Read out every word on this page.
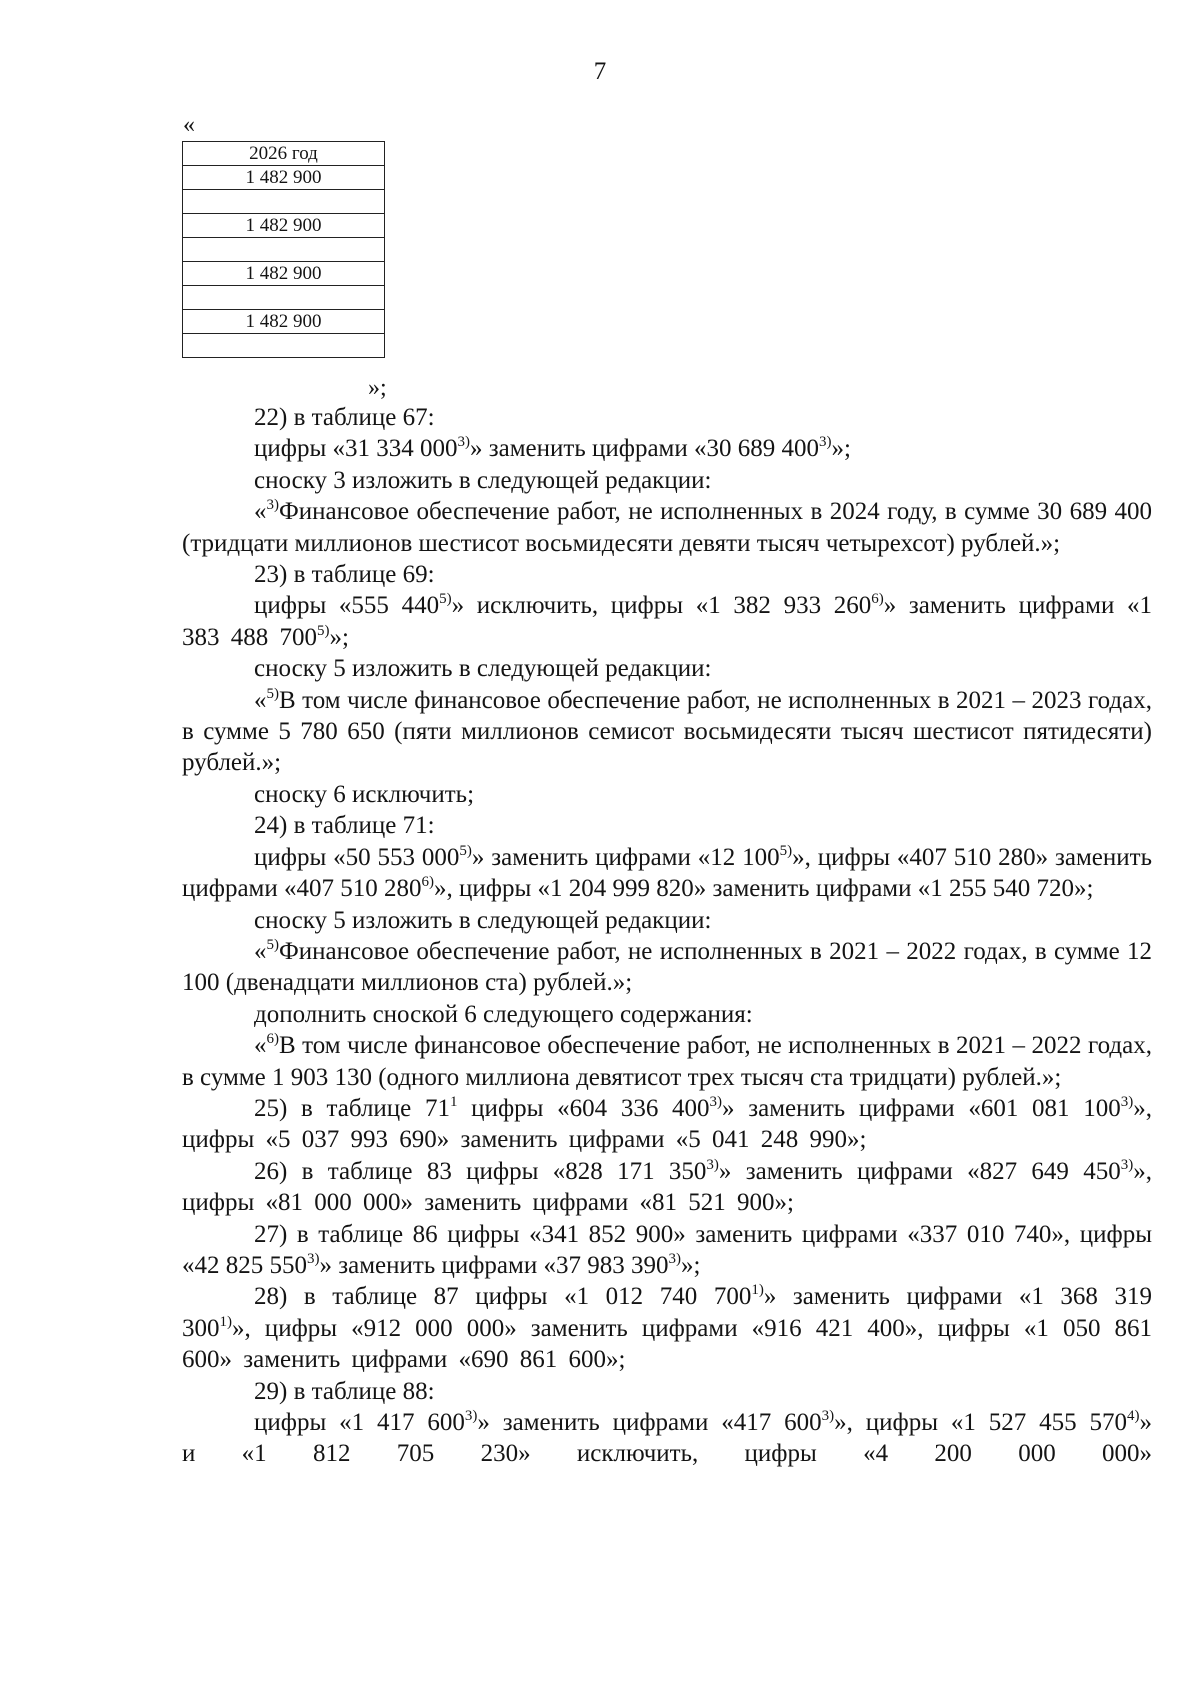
7
«
2026 год
1 482 900

1 482 900

1 482 900

1 482 900

»;

22) в таблице 67:

цифры «31 334 000$^{3)}$» заменить цифрами «30 689 400$^{3)}$»;

сноску 3 изложить в следующей редакции:

«$^{3)}$Финансовое обеспечение работ, не исполненных в 2024 году, в сумме 30 689 400 (тридцати миллионов шестисот восьмидесяти девяти тысяч четырехсот) рублей.»;

23) в таблице 69:

цифры «555 440$^{5)}$» исключить, цифры «1 382 933 260$^{6)}$» заменить цифрами «1 383 488 700$^{5)}$»;

сноску 5 изложить в следующей редакции:

«$^{5)}$В том числе финансовое обеспечение работ, не исполненных в 2021 – 2023 годах, в сумме 5 780 650 (пяти миллионов семисот восьмидесяти тысяч шестисот пятидесяти) рублей.»;

сноску 6 исключить;

24) в таблице 71:

цифры «50 553 000$^{5)}$» заменить цифрами «12 100$^{5)}$», цифры «407 510 280» заменить цифрами «407 510 280$^{6)}$», цифры «1 204 999 820» заменить цифрами «1 255 540 720»;

сноску 5 изложить в следующей редакции:

«$^{5)}$Финансовое обеспечение работ, не исполненных в 2021 – 2022 годах, в сумме 12 100 (двенадцати миллионов ста) рублей.»;

дополнить сноской 6 следующего содержания:

«$^{6)}$В том числе финансовое обеспечение работ, не исполненных в 2021 – 2022 годах, в сумме 1 903 130 (одного миллиона девятисот трех тысяч ста тридцати) рублей.»;

25) в таблице $71^1$ цифры «604 336 400$^{3)}$» заменить цифрами «601 081 100$^{3)}$», цифры «5 037 993 690» заменить цифрами «5 041 248 990»;

26) в таблице 83 цифры «828 171 350$^{3)}$» заменить цифрами «827 649 450$^{3)}$», цифры «81 000 000» заменить цифрами «81 521 900»;

27) в таблице 86 цифры «341 852 900» заменить цифрами «337 010 740», цифры «42 825 550$^{3)}$» заменить цифрами «37 983 390$^{3)}$»;

28) в таблице 87 цифры «1 012 740 700$^{1)}$» заменить цифрами «1 368 319 300$^{1)}$», цифры «912 000 000» заменить цифрами «916 421 400», цифры «1 050 861 600» заменить цифрами «690 861 600»;

29) в таблице 88:

цифры «1 417 600$^{3)}$» заменить цифрами «417 600$^{3)}$», цифры «1 527 455 570$^{4)}$» и «1 812 705 230» исключить, цифры «4 200 000 000»
